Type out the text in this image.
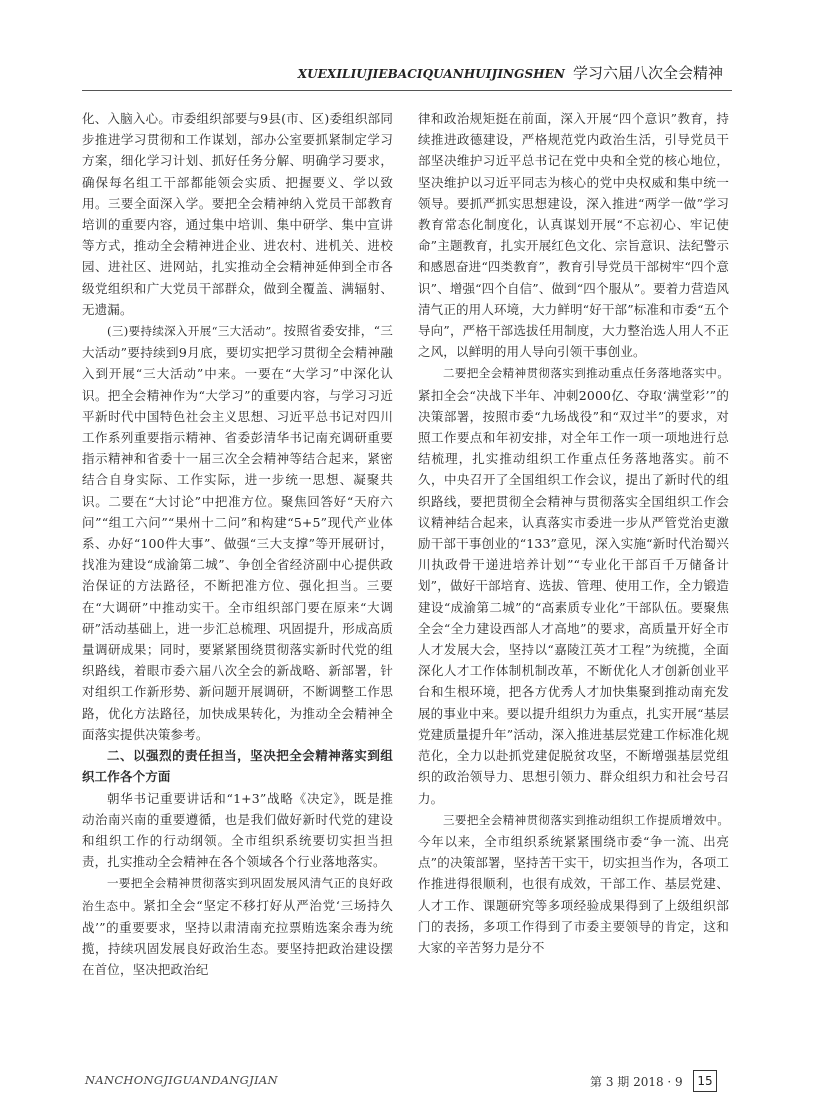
XUEXILIUJIEBACIQUANHUIJINGSHEN 学习六届八次全会精神

化、入脑入心。市委组织部要与9县(市、区)委组织部同步推进学习贯彻和工作谋划，部办公室要抓紧制定学习方案，细化学习计划、抓好任务分解、明确学习要求，确保每名组工干部都能领会实质、把握要义、学以致用。三要全面深入学。要把全会精神纳入党员干部教育培训的重要内容，通过集中培训、集中研学、集中宣讲等方式，推动全会精神进企业、进农村、进机关、进校园、进社区、进网站，扎实推动全会精神延伸到全市各级党组织和广大党员干部群众，做到全覆盖、满辐射、无遗漏。

(三)要持续深入开展“三大活动”。按照省委安排，“三大活动”要持续到9月底，要切实把学习贯彻全会精神融入到开展“三大活动”中来。一要在“大学习”中深化认识。把全会精神作为“大学习”的重要内容，与学习习近平新时代中国特色社会主义思想、习近平总书记对四川工作系列重要指示精神、省委彭清华书记南充调研重要指示精神和省委十一届三次全会精神等结合起来，紧密结合自身实际、工作实际，进一步统一思想、凝聚共识。二要在“大讨论”中把准方位。聚焦回答好“天府六问”“组工六问”“果州十二问”和构建“5+5”现代产业体系、办好“100件大事”、做强“三大支撑”等开展研讨，找准为建设“成渝第二城”、争创全省经济副中心提供政治保证的方法路径，不断把准方位、强化担当。三要在“大调研”中推动实干。全市组织部门要在原来“大调研”活动基础上，进一步汇总梳理、巩固提升，形成高质量调研成果；同时，要紧紧围绕贯彻落实新时代党的组织路线，着眼市委六届八次全会的新战略、新部署，针对组织工作新形势、新问题开展调研，不断调整工作思路，优化方法路径，加快成果转化，为推动全会精神全面落实提供决策参考。

二、以强烈的责任担当，坚决把全会精神落实到组织工作各个方面

朝华书记重要讲话和“1+3”战略《决定》，既是推动治南兴南的重要遵循，也是我们做好新时代党的建设和组织工作的行动纲领。全市组织系统要切实担当担责，扎实推动全会精神在各个领域各个行业落地落实。

一要把全会精神贯彻落实到巩固发展风清气正的良好政治生态中。紧扣全会“坚定不移打好从严治党‘三场持久战’”的重要要求，坚持以肃清南充拉票贿选案余毒为统揽，持续巩固发展良好政治生态。要坚持把政治建设摆在首位，坚决把政治纪

律和政治规矩挺在前面，深入开展“四个意识”教育，持续推进政德建设，严格规范党内政治生活，引导党员干部坚决维护习近平总书记在党中央和全党的核心地位，坚决维护以习近平同志为核心的党中央权威和集中统一领导。要抓严抓实思想建设，深入推进“两学一做”学习教育常态化制度化，认真谋划开展“不忘初心、牢记使命”主题教育，扎实开展红色文化、宗旨意识、法纪警示和感恩奋进“四类教育”，教育引导党员干部树牢“四个意识”、增强“四个自信”、做到“四个服从”。要着力营造风清气正的用人环境，大力鲜明“好干部”标准和市委“五个导向”，严格干部选拔任用制度，大力整治选人用人不正之风，以鲜明的用人导向引领干事创业。

二要把全会精神贯彻落实到推动重点任务落地落实中。紧扣全会“决战下半年、冲刺2000亿、夺取‘满堂彩’”的决策部署，按照市委“九场战役”和“双过半”的要求，对照工作要点和年初安排，对全年工作一项一项地进行总结梳理，扎实推动组织工作重点任务落地落实。前不久，中央召开了全国组织工作会议，提出了新时代的组织路线，要把贯彻全会精神与贯彻落实全国组织工作会议精神结合起来，认真落实市委进一步从严管党治吏激励干部干事创业的“133”意见，深入实施“新时代治蜀兴川执政骨干递进培养计划”“专业化干部百千万储备计划”，做好干部培育、选拔、管理、使用工作，全力锻造建设“成渝第二城”的“高素质专业化”干部队伍。要聚焦全会“全力建设西部人才高地”的要求，高质量开好全市人才发展大会，坚持以“嘉陵江英才工程”为统揽，全面深化人才工作体制机制改革，不断优化人才创新创业平台和生根环境，把各方优秀人才加快集聚到推动南充发展的事业中来。要以提升组织力为重点，扎实开展“基层党建质量提升年”活动，深入推进基层党建工作标准化规范化，全力以赴抓党建促脱贫攻坚，不断增强基层党组织的政治领导力、思想引领力、群众组织力和社会号召力。

三要把全会精神贯彻落实到推动组织工作提质增效中。今年以来，全市组织系统紧紧围绕市委“争一流、出亮点”的决策部署，坚持苦干实干，切实担当作为，各项工作推进得很顺利，也很有成效，干部工作、基层党建、人才工作、课题研究等多项经验成果得到了上级组织部门的表扬，多项工作得到了市委主要领导的肯定，这和大家的辛苦努力是分不

NANCHONGJIGUANDANGJIAN	第 3 期 2018 · 9	15
